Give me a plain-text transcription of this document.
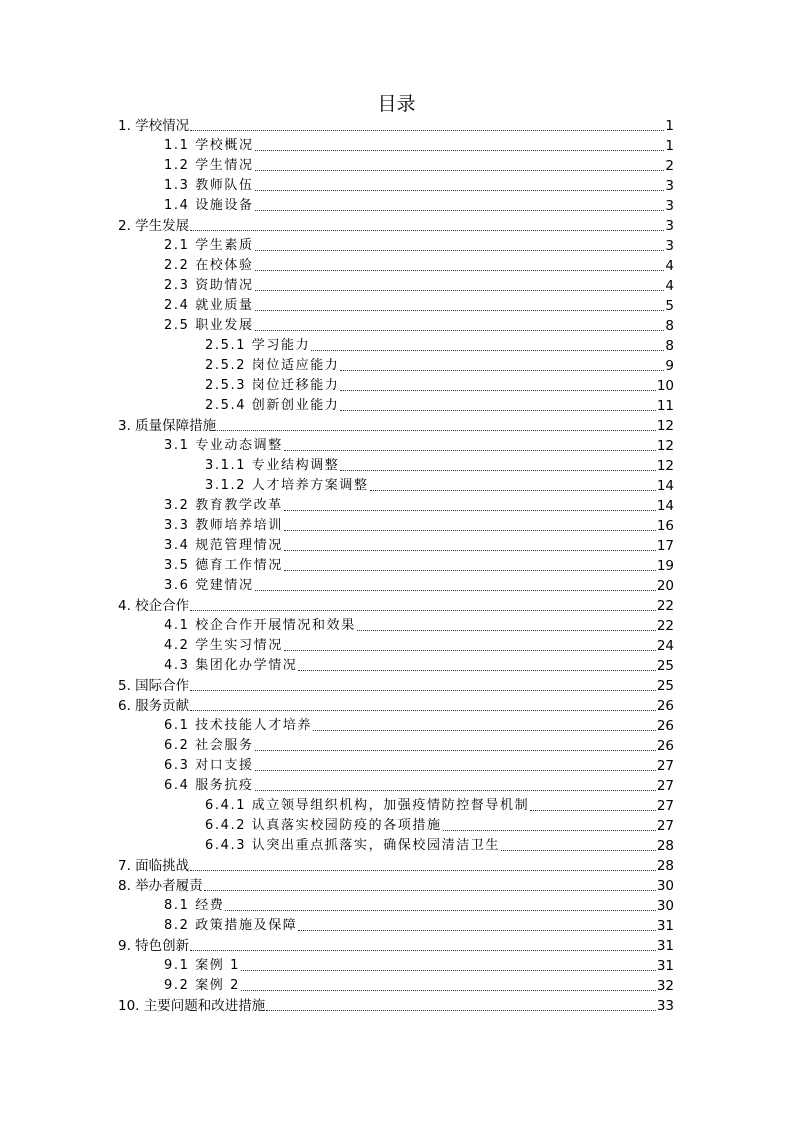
目录
1. 学校情况	1
1.1 学校概况	1
1.2 学生情况	2
1.3 教师队伍	3
1.4 设施设备	3
2. 学生发展	3
2.1 学生素质	3
2.2 在校体验	4
2.3 资助情况	4
2.4 就业质量	5
2.5 职业发展	8
2.5.1 学习能力	8
2.5.2 岗位适应能力	9
2.5.3 岗位迁移能力	10
2.5.4 创新创业能力	11
3. 质量保障措施	12
3.1 专业动态调整	12
3.1.1 专业结构调整	12
3.1.2 人才培养方案调整	14
3.2 教育教学改革	14
3.3 教师培养培训	16
3.4 规范管理情况	17
3.5 德育工作情况	19
3.6 党建情况	20
4. 校企合作	22
4.1 校企合作开展情况和效果	22
4.2 学生实习情况	24
4.3 集团化办学情况	25
5. 国际合作	25
6. 服务贡献	26
6.1 技术技能人才培养	26
6.2 社会服务	26
6.3 对口支援	27
6.4 服务抗疫	27
6.4.1 成立领导组织机构，加强疫情防控督导机制	27
6.4.2 认真落实校园防疫的各项措施	27
6.4.3 认突出重点抓落实，确保校园清洁卫生	28
7. 面临挑战	28
8. 举办者履责	30
8.1 经费	30
8.2 政策措施及保障	31
9. 特色创新	31
9.1 案例 1	31
9.2 案例 2	32
10. 主要问题和改进措施	33
